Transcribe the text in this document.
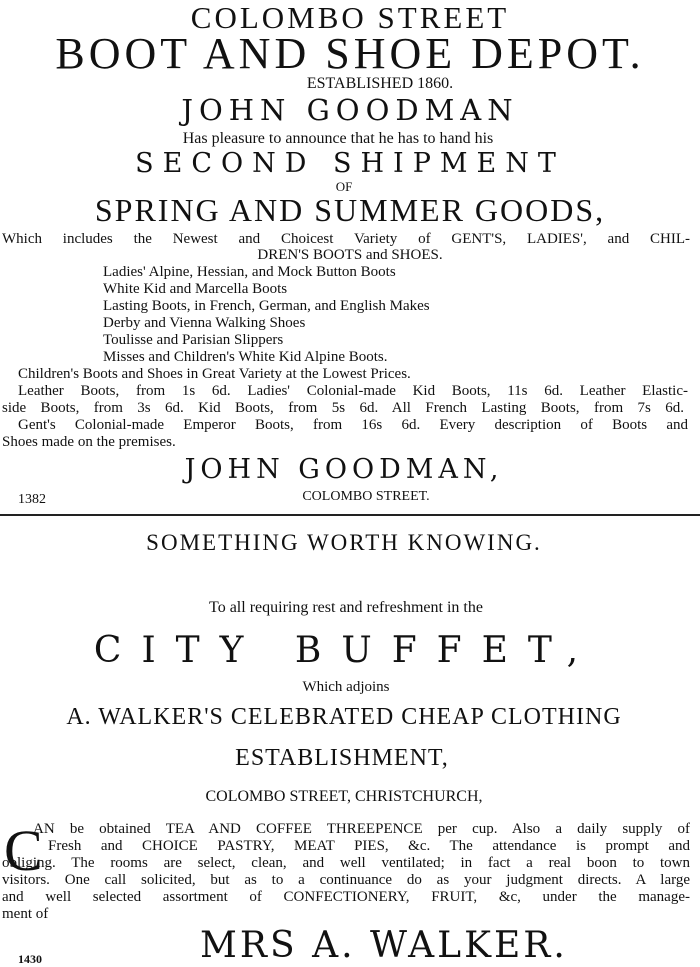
COLOMBO STREET
BOOT AND SHOE DEPOT.
ESTABLISHED 1860.
JOHN GOODMAN
Has pleasure to announce that he has to hand his
SECOND SHIPMENT
OF
SPRING AND SUMMER GOODS,
Which includes the Newest and Choicest Variety of GENT'S, LADIES', and CHIL-
DREN'S BOOTS and SHOES.
Ladies' Alpine, Hessian, and Mock Button Boots
White Kid and Marcella Boots
Lasting Boots, in French, German, and English Makes
Derby and Vienna Walking Shoes
Toulisse and Parisian Slippers
Misses and Children's White Kid Alpine Boots.
Children's Boots and Shoes in Great Variety at the Lowest Prices.
Leather Boots, from 1s 6d. Ladies' Colonial-made Kid Boots, 11s 6d. Leather Elastic-
side Boots, from 3s 6d. Kid Boots, from 5s 6d. All French Lasting Boots, from 7s 6d.
Gent's Colonial-made Emperor Boots, from 16s 6d. Every description of Boots and
Shoes made on the premises.
JOHN GOODMAN,
1382	COLOMBO STREET.
SOMETHING WORTH KNOWING.
To all requiring rest and refreshment in the
CITY BUFFET,
Which adjoins
A. WALKER'S CELEBRATED CHEAP CLOTHING
ESTABLISHMENT,
COLOMBO STREET, CHRISTCHURCH,
C
AN be obtained TEA AND COFFEE THREEPENCE per cup. Also a daily supply of
Fresh and CHOICE PASTRY, MEAT PIES, &c. The attendance is prompt and
obliging. The rooms are select, clean, and well ventilated; in fact a real boon to town
visitors. One call solicited, but as to a continuance do as your judgment directs. A large
and well selected assortment of CONFECTIONERY, FRUIT, &c, under the manage-
ment of
MRS A. WALKER.
1430
